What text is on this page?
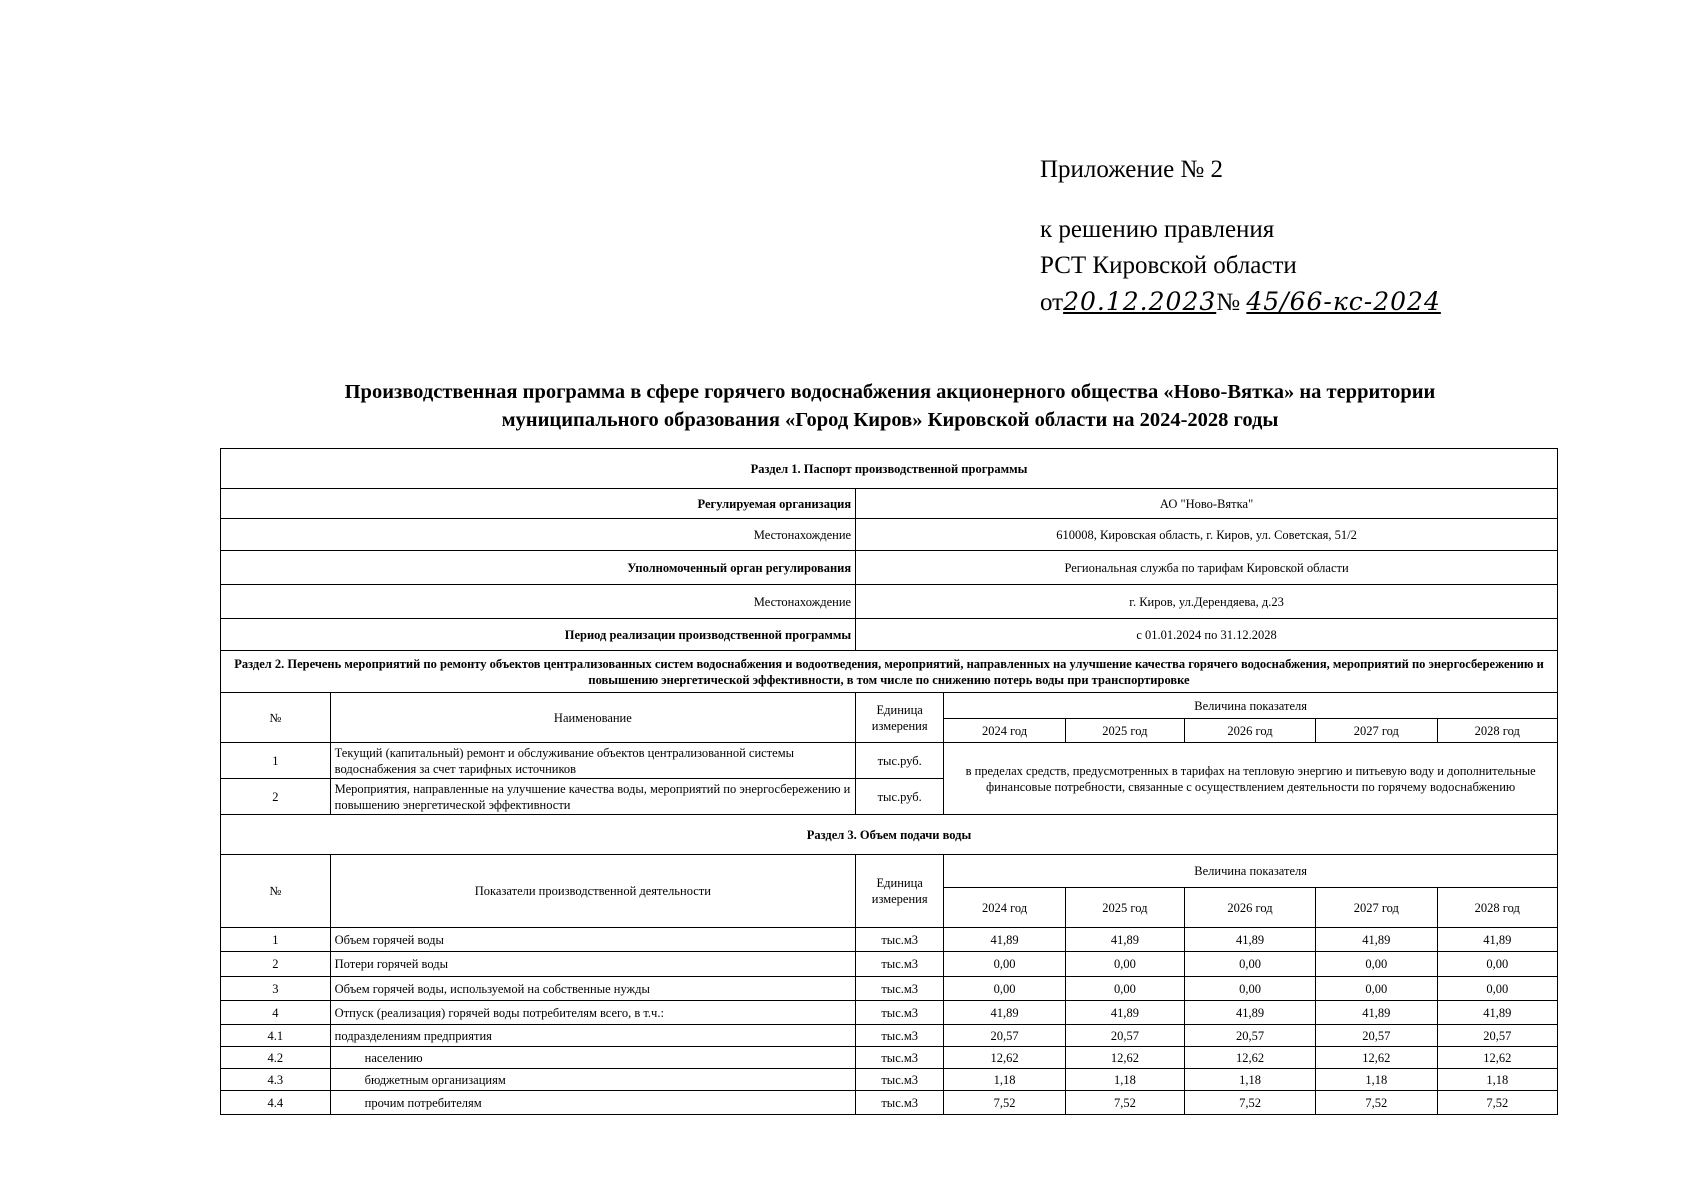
Приложение № 2
к решению правления
РСТ Кировской области
от20.12.2023№ 45/66-кс-2024
Производственная программа в сфере горячего водоснабжения акционерного общества «Ново-Вятка» на территории
муниципального образования «Город Киров» Кировской области на 2024-2028 годы
Раздел 1. Паспорт производственной программы							
Регулируемая организация		АО "Ново-Вятка"					
Местонахождение		610008, Кировская область, г. Киров, ул. Советская, 51/2					
Уполномоченный орган регулирования		Региональная служба по тарифам Кировской области					
Местонахождение		г. Киров, ул.Дерендяева, д.23					
Период реализации производственной программы		с 01.01.2024 по 31.12.2028					
Раздел 2. Перечень мероприятий по ремонту объектов централизованных систем водоснабжения и водоотведения, мероприятий, направленных на улучшение качества горячего водоснабжения, мероприятий по энергосбережению и повышению энергетической эффективности, в том числе по снижению потерь воды при транспортировке							
№	Наименование	Единица измерения	Величина показателя				
			2024 год	2025 год	2026 год	2027 год	2028 год
1	Текущий (капитальный) ремонт и обслуживание объектов централизованной системы водоснабжения за счет тарифных источников	тыс.руб.	в пределах средств, предусмотренных в тарифах на тепловую энергию и питьевую воду и дополнительные финансовые потребности, связанные с осуществлением деятельности по горячему водоснабжению				
2	Мероприятия, направленные на улучшение качества воды, мероприятий по энергосбережению и повышению энергетической эффективности	тыс.руб.					
Раздел 3. Объем подачи воды							
№	Показатели производственной деятельности	Единица измерения	Величина показателя				
			2024 год	2025 год	2026 год	2027 год	2028 год
1	Объем горячей воды	тыс.м3	41,89	41,89	41,89	41,89	41,89
2	Потери горячей воды	тыс.м3	0,00	0,00	0,00	0,00	0,00
3	Объем горячей воды, используемой на собственные нужды	тыс.м3	0,00	0,00	0,00	0,00	0,00
4	Отпуск (реализация) горячей воды потребителям всего, в т.ч.:	тыс.м3	41,89	41,89	41,89	41,89	41,89
4.1	подразделениям предприятия	тыс.м3	20,57	20,57	20,57	20,57	20,57
4.2	населению	тыс.м3	12,62	12,62	12,62	12,62	12,62
4.3	бюджетным организациям	тыс.м3	1,18	1,18	1,18	1,18	1,18
4.4	прочим потребителям	тыс.м3	7,52	7,52	7,52	7,52	7,52
